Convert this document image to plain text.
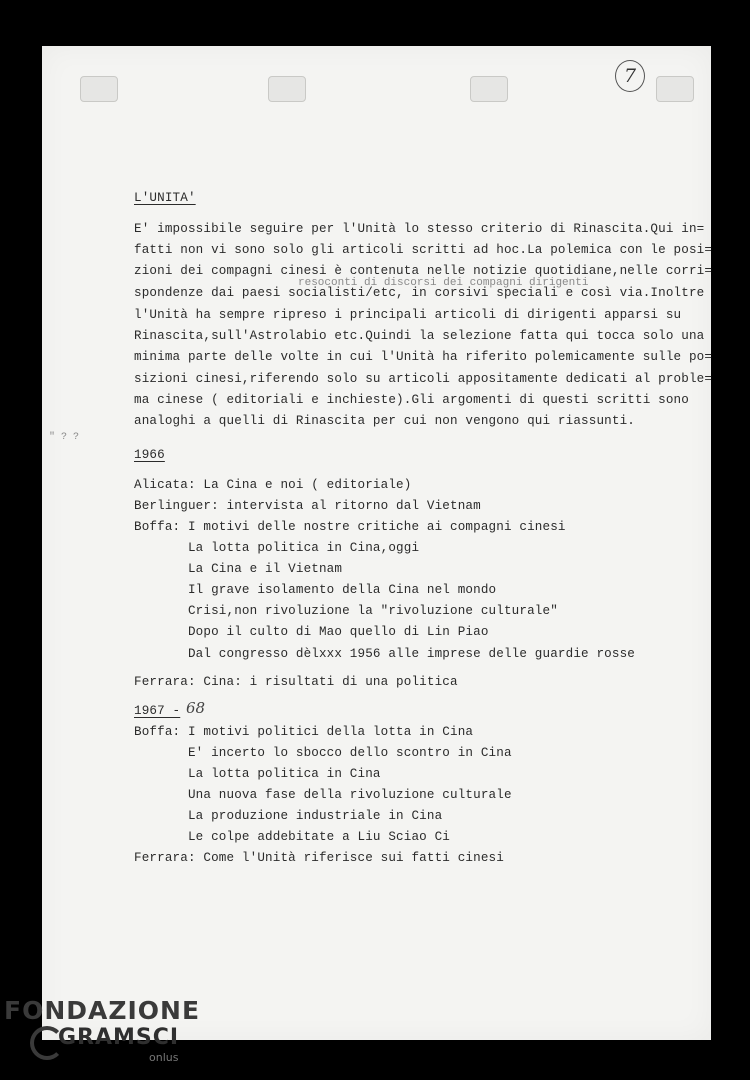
7
L'UNITA'
E' impossibile seguire per l'Unità lo stesso criterio di Rinascita.Qui in=
fatti non vi sono solo gli articoli scritti ad hoc.La polemica con le posi=
zioni dei compagni cinesi è contenuta nelle notizie quotidiane,nelle corri=
resoconti di discorsi dei compagni dirigenti
spondenze dai paesi socialisti/etc, in corsivi speciali e così via.Inoltre
l'Unità ha sempre ripreso i principali articoli di dirigenti apparsi su
Rinascita,sull'Astrolabio etc.Quindi la selezione fatta qui tocca solo una
minima parte delle volte in cui l'Unità ha riferito polemicamente sulle po=
sizioni cinesi,riferendo solo su articoli appositamente dedicati al proble=
ma cinese ( editoriali e inchieste).Gli argomenti di questi scritti sono
analoghi a quelli di Rinascita per cui non vengono qui riassunti.
" ? ?
1966
Alicata: La Cina e noi ( editoriale)
Berlinguer: intervista al ritorno dal Vietnam
Boffa: I motivi delle nostre critiche ai compagni cinesi
La lotta politica in Cina,oggi
La Cina e il Vietnam
Il grave isolamento della Cina nel mondo
Crisi,non rivoluzione la "rivoluzione culturale"
Dopo il culto di Mao quello di Lin Piao
Dal congresso dèlxxx 1956 alle imprese delle guardie rosse
Ferrara: Cina: i risultati di una politica
1967 - 68
Boffa: I motivi politici della lotta in Cina
E' incerto lo sbocco dello scontro in Cina
La lotta politica in Cina
Una nuova fase della rivoluzione culturale
La produzione industriale in Cina
Le colpe addebitate a Liu Sciao Ci
Ferrara: Come l'Unità riferisce sui fatti cinesi
FONDAZIONE
GRAMSCI
onlus
